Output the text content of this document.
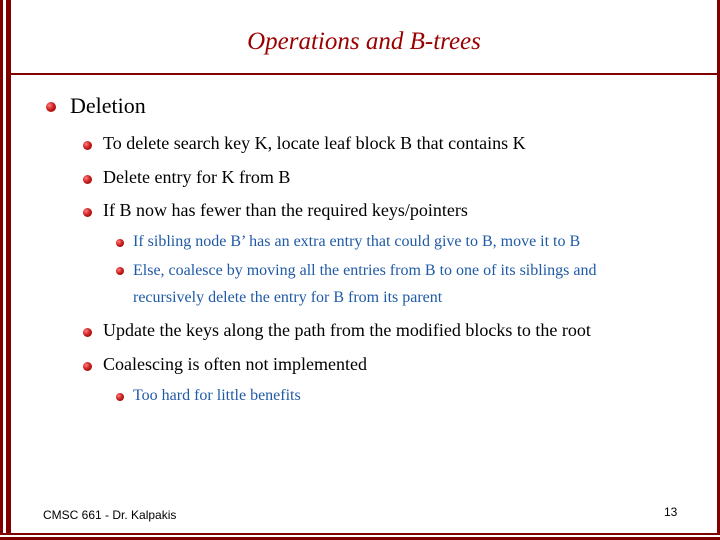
Operations and B-trees
Deletion
To delete search key K, locate leaf block B that contains K
Delete entry for K from B
If B now has fewer than the required keys/pointers
If sibling node B’ has an extra entry that could give to B, move it to B
Else, coalesce by moving all the entries from B to one of its siblings and
recursively delete the entry for B from its parent
Update the keys along the path from the modified blocks to the root
Coalescing is often not implemented
Too hard for little benefits
CMSC 661 - Dr. Kalpakis	13
